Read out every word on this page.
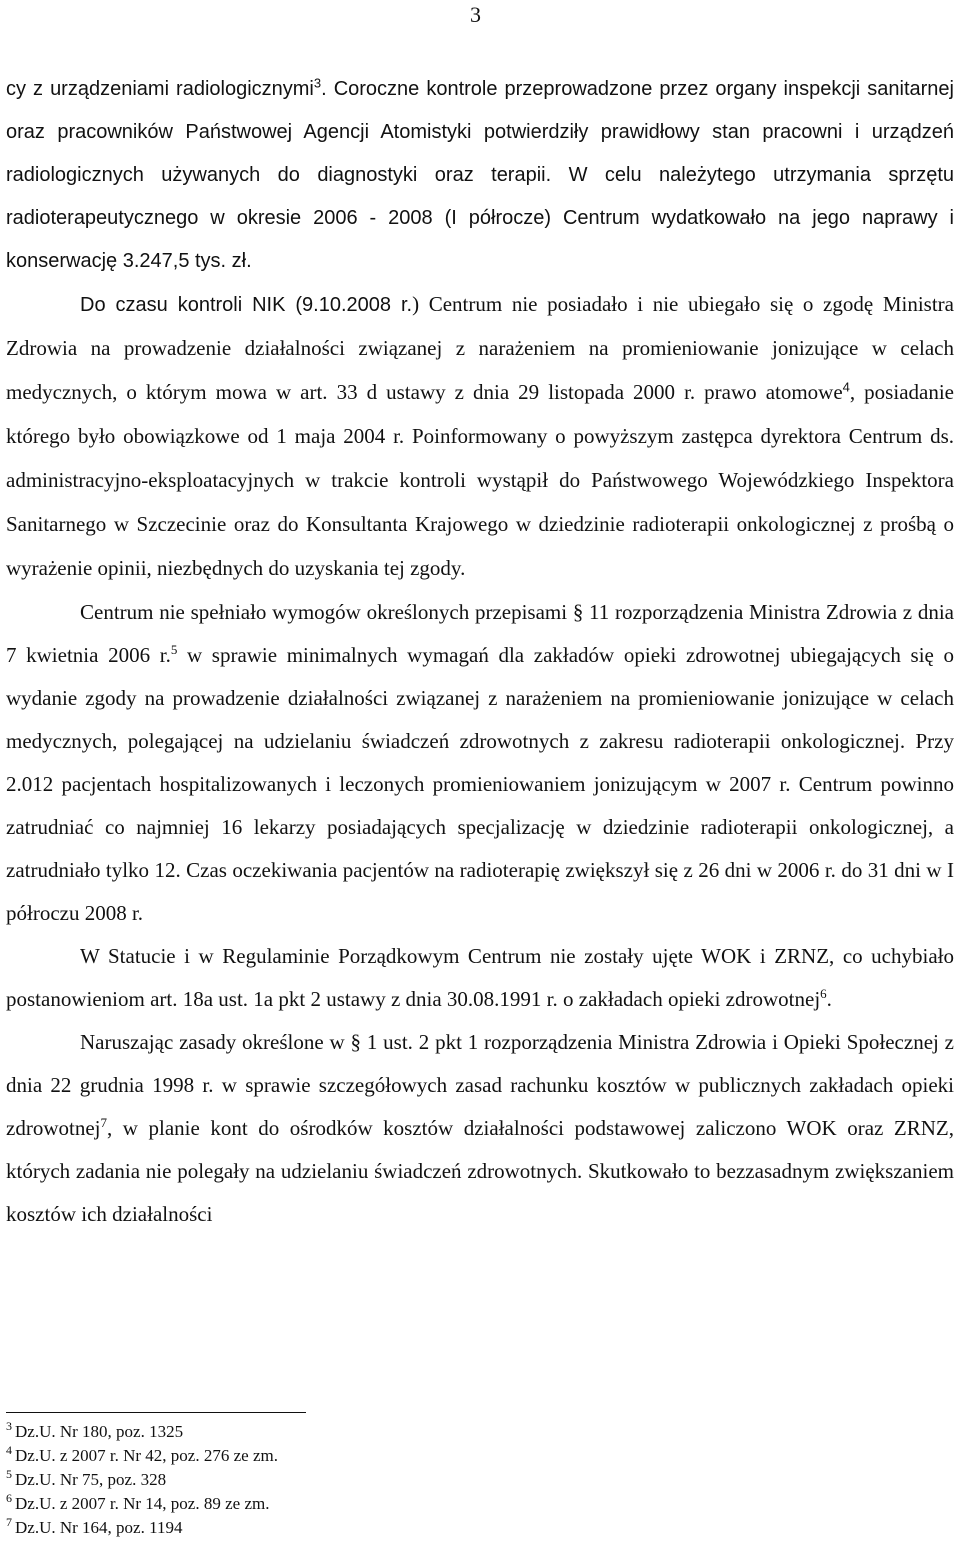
3

cy z urządzeniami radiologicznymi$^3$. Coroczne kontrole przeprowadzone przez organy inspekcji sanitarnej oraz pracowników Państwowej Agencji Atomistyki potwierdziły prawidłowy stan pracowni i urządzeń radiologicznych używanych do diagnostyki oraz terapii. W celu należytego utrzymania sprzętu radioterapeutycznego w okresie 2006 - 2008 (I półrocze) Centrum wydatkowało na jego naprawy i konserwację 3.247,5 tys. zł.

Do czasu kontroli NIK (9.10.2008 r.) Centrum nie posiadało i nie ubiegało się o zgodę Ministra Zdrowia na prowadzenie działalności związanej z narażeniem na promieniowanie jonizujące w celach medycznych, o którym mowa w art. 33 d ustawy z dnia 29 listopada 2000 r. prawo atomowe$^4$, posiadanie którego było obowiązkowe od 1 maja 2004 r. Poinformowany o powyższym zastępca dyrektora Centrum ds. administracyjno-eksploatacyjnych w trakcie kontroli wystąpił do Państwowego Wojewódzkiego Inspektora Sanitarnego w Szczecinie oraz do Konsultanta Krajowego w dziedzinie radioterapii onkologicznej z prośbą o wyrażenie opinii, niezbędnych do uzyskania tej zgody.

Centrum nie spełniało wymogów określonych przepisami § 11 rozporządzenia Ministra Zdrowia z dnia 7 kwietnia 2006 r.$^5$ w sprawie minimalnych wymagań dla zakładów opieki zdrowotnej ubiegających się o wydanie zgody na prowadzenie działalności związanej z narażeniem na promieniowanie jonizujące w celach medycznych, polegającej na udzielaniu świadczeń zdrowotnych z zakresu radioterapii onkologicznej. Przy 2.012 pacjentach hospitalizowanych i leczonych promieniowaniem jonizującym w 2007 r. Centrum powinno zatrudniać co najmniej 16 lekarzy posiadających specjalizację w dziedzinie radioterapii onkologicznej, a zatrudniało tylko 12. Czas oczekiwania pacjentów na radioterapię zwiększył się z 26 dni w 2006 r. do 31 dni w I półroczu 2008 r.

W Statucie i w Regulaminie Porządkowym Centrum nie zostały ujęte WOK i ZRNZ, co uchybiało postanowieniom art. 18a ust. 1a pkt 2 ustawy z dnia 30.08.1991 r. o zakładach opieki zdrowotnej$^6$.

Naruszając zasady określone w § 1 ust. 2 pkt 1 rozporządzenia Ministra Zdrowia i Opieki Społecznej z dnia 22 grudnia 1998 r. w sprawie szczegółowych zasad rachunku kosztów w publicznych zakładach opieki zdrowotnej$^7$, w planie kont do ośrodków kosztów działalności podstawowej zaliczono WOK oraz ZRNZ, których zadania nie polegały na udzielaniu świadczeń zdrowotnych. Skutkowało to bezzasadnym zwiększaniem kosztów ich działalności

$^3$ Dz.U. Nr 180, poz. 1325

$^4$ Dz.U. z 2007 r. Nr 42, poz. 276 ze zm.

$^5$ Dz.U. Nr 75, poz. 328

$^6$ Dz.U. z 2007 r. Nr 14, poz. 89 ze zm.

$^7$ Dz.U. Nr 164, poz. 1194
